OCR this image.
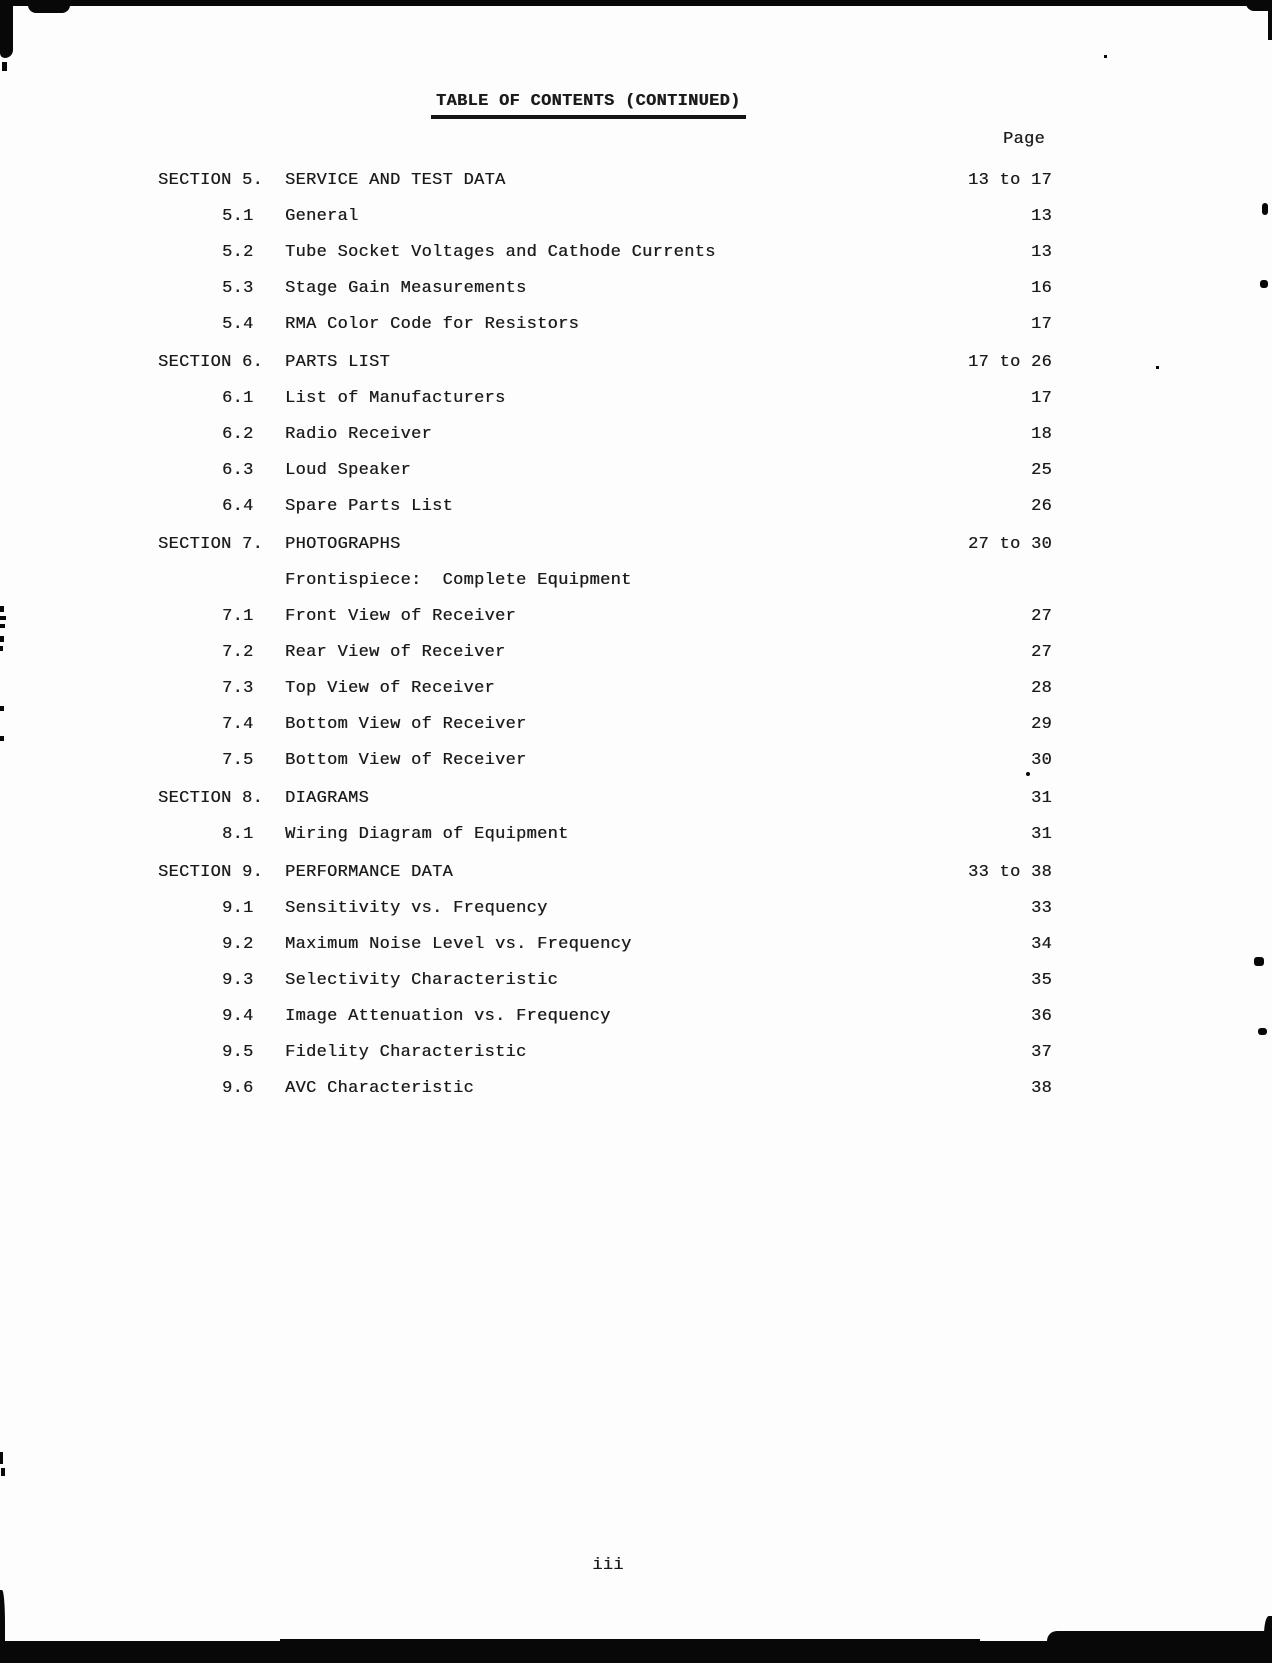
TABLE OF CONTENTS (CONTINUED)
Page
SECTION 5.	SERVICE AND TEST DATA	13 to 17
5.1	General	13
5.2	Tube Socket Voltages and Cathode Currents	13
5.3	Stage Gain Measurements	16
5.4	RMA Color Code for Resistors	17
SECTION 6.	PARTS LIST	17 to 26
6.1	List of Manufacturers	17
6.2	Radio Receiver	18
6.3	Loud Speaker	25
6.4	Spare Parts List	26
SECTION 7.	PHOTOGRAPHS	27 to 30
Frontispiece:  Complete Equipment
7.1	Front View of Receiver	27
7.2	Rear View of Receiver	27
7.3	Top View of Receiver	28
7.4	Bottom View of Receiver	29
7.5	Bottom View of Receiver	30
SECTION 8.	DIAGRAMS	31
8.1	Wiring Diagram of Equipment	31
SECTION 9.	PERFORMANCE DATA	33 to 38
9.1	Sensitivity vs. Frequency	33
9.2	Maximum Noise Level vs. Frequency	34
9.3	Selectivity Characteristic	35
9.4	Image Attenuation vs. Frequency	36
9.5	Fidelity Characteristic	37
9.6	AVC Characteristic	38
iii
